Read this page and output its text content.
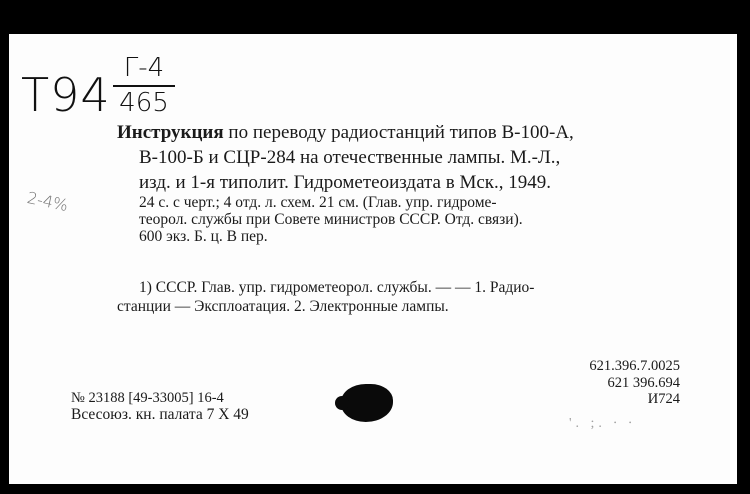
T94 Г-4
465
2-4%
Инструкция по переводу радиостанций типов В-100-А,
В-100-Б и СЦР-284 на отечественные лампы. М.-Л.,
изд. и 1-я типолит. Гидрометеоиздата в Мск., 1949.
24 с. с черт.; 4 отд. л. схем. 21 см. (Глав. упр. гидроме-
теорол. службы при Совете министров СССР. Отд. связи).
600 экз. Б. ц. В пер.
1) СССР. Глав. упр. гидрометеорол. службы. — — 1. Радио-
станции — Эксплоатация. 2. Электронные лампы.
621.396.7.0025
621 396.694
И724
№ 23188 [49-33005] 16-4
Всесоюз. кн. палата 7 X 49
'. ;. ∙ ∙
